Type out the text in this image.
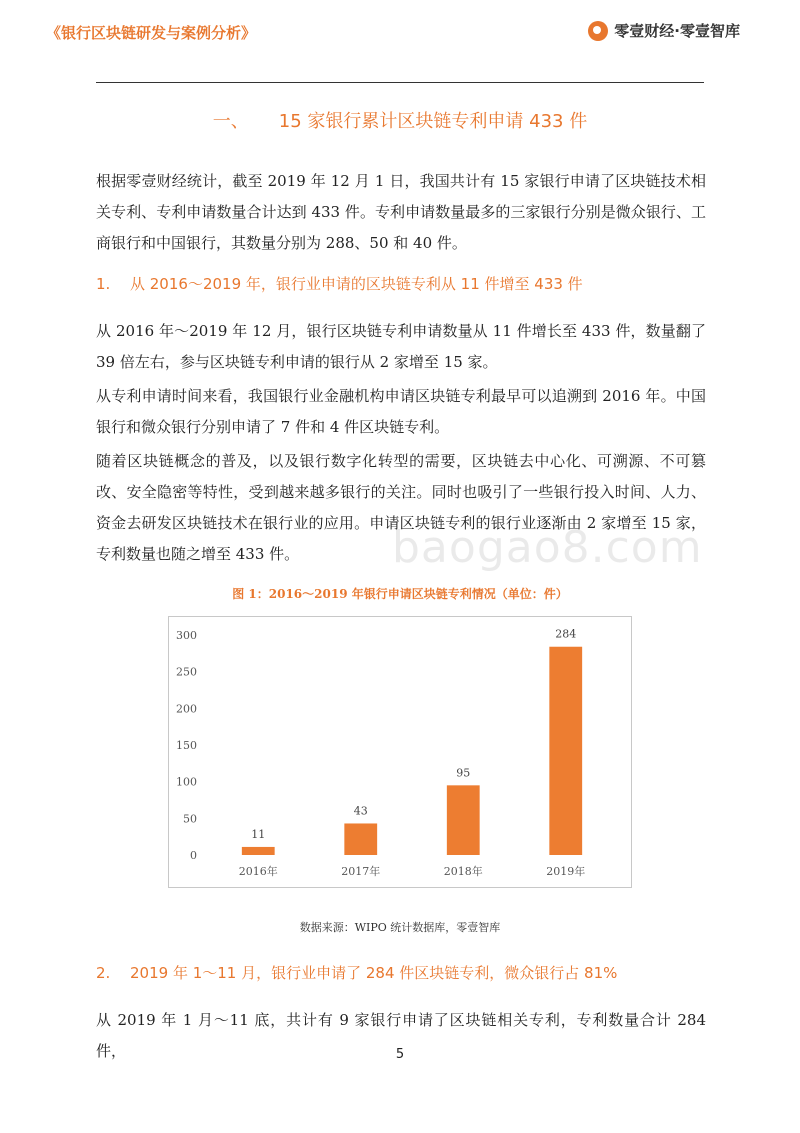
《银行区块链研发与案例分析》	零壹财经·零壹智库
一、 15 家银行累计区块链专利申请 433 件
根据零壹财经统计，截至 2019 年 12 月 1 日，我国共计有 15 家银行申请了区块链技术相关专利、专利申请数量合计达到 433 件。专利申请数量最多的三家银行分别是微众银行、工商银行和中国银行，其数量分别为 288、50 和 40 件。
1. 从 2016～2019 年，银行业申请的区块链专利从 11 件增至 433 件
从 2016 年～2019 年 12 月，银行区块链专利申请数量从 11 件增长至 433 件，数量翻了 39 倍左右，参与区块链专利申请的银行从 2 家增至 15 家。
从专利申请时间来看，我国银行业金融机构申请区块链专利最早可以追溯到 2016 年。中国银行和微众银行分别申请了 7 件和 4 件区块链专利。
随着区块链概念的普及，以及银行数字化转型的需要，区块链去中心化、可溯源、不可篡改、安全隐密等特性，受到越来越多银行的关注。同时也吸引了一些银行投入时间、人力、资金去研发区块链技术在银行业的应用。申请区块链专利的银行业逐渐由 2 家增至 15 家，专利数量也随之增至 433 件。	baogao8.com
图 1：2016～2019 年银行申请区块链专利情况（单位：件）
0
50
100
150
200
250
300
11
2016年
43
2017年
95
2018年
284
2019年
数据来源：WIPO 统计数据库，零壹智库
2. 2019 年 1～11 月，银行业申请了 284 件区块链专利，微众银行占 81%
从 2019 年 1 月～11 底，共计有 9 家银行申请了区块链相关专利，专利数量合计 284 件，	5
